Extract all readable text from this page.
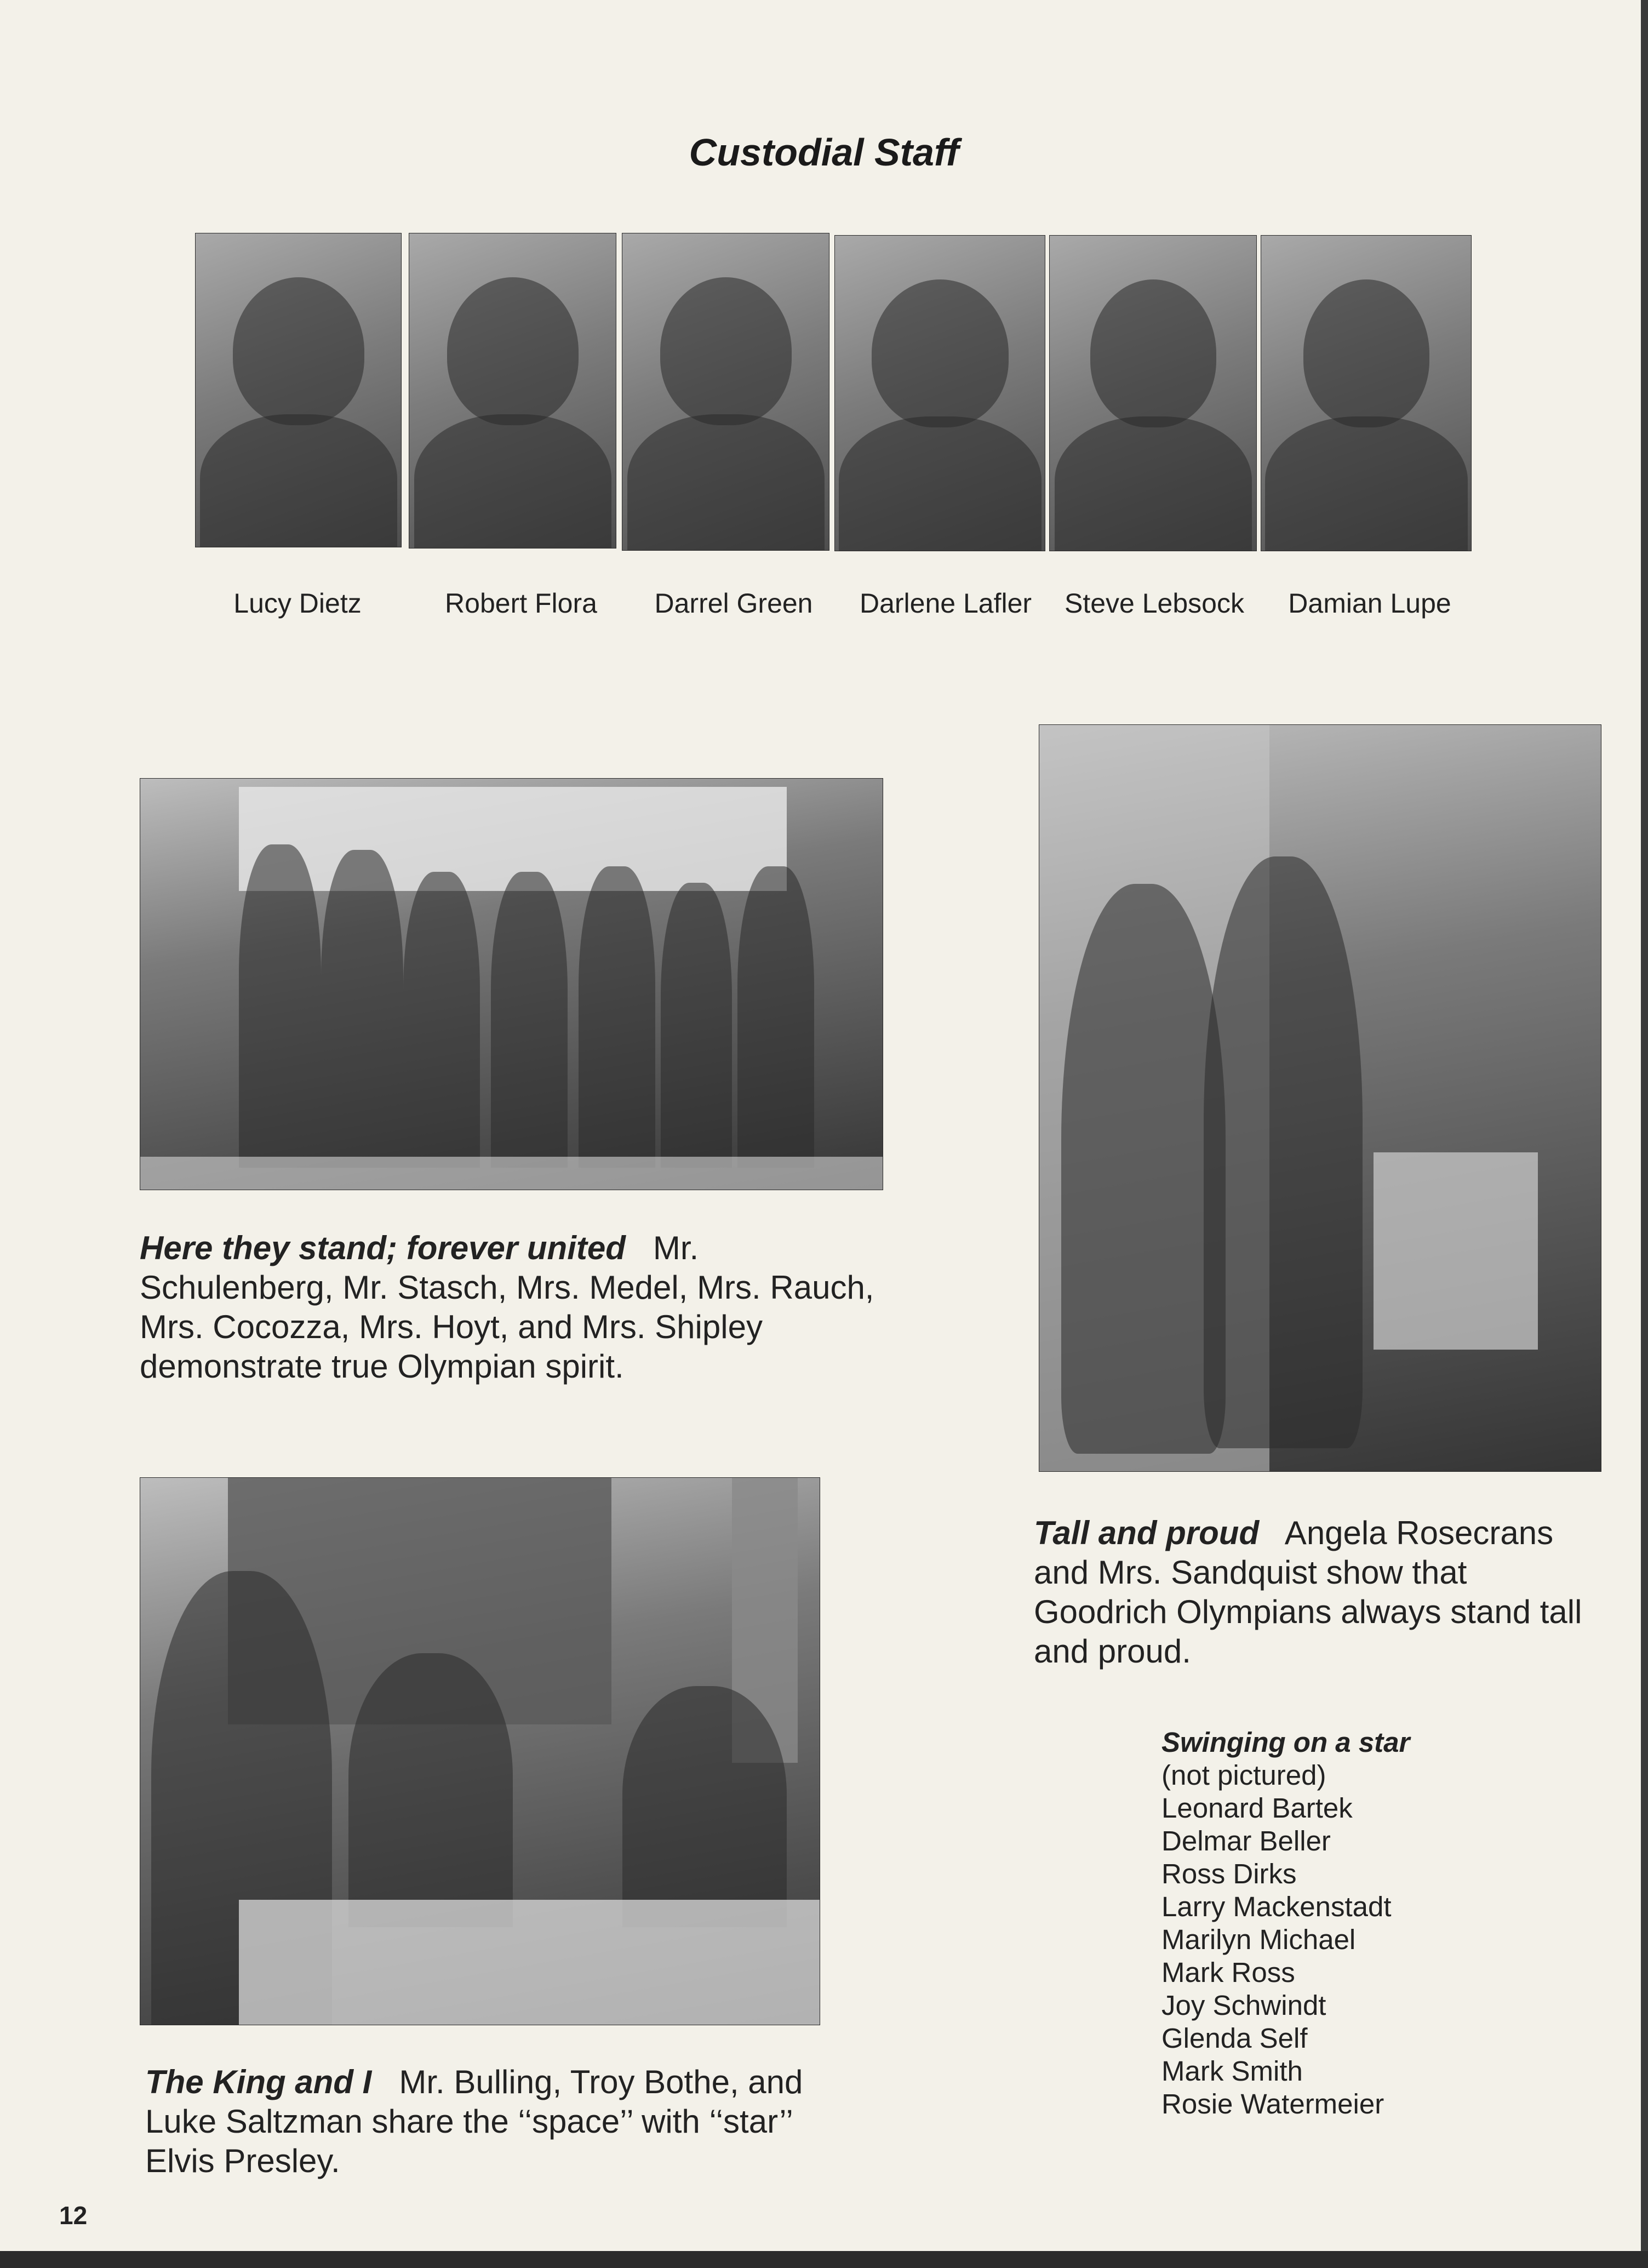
Custodial Staff
Lucy Dietz	Robert Flora	Darrel Green	Darlene Lafler	Steve Lebsock	Damian Lupe
Here they stand; forever united Mr. Schulenberg, Mr. Stasch, Mrs. Medel, Mrs. Rauch, Mrs. Cocozza, Mrs. Hoyt, and Mrs. Shipley demonstrate true Olympian spirit.
Tall and proud Angela Rosecrans and Mrs. Sandquist show that Goodrich Olympians always stand tall and proud.
The King and I Mr. Bulling, Troy Bothe, and Luke Saltzman share the ‘‘space’’ with ‘‘star’’ Elvis Presley.
Swinging on a star
(not pictured)
Leonard Bartek
Delmar Beller
Ross Dirks
Larry Mackenstadt
Marilyn Michael
Mark Ross
Joy Schwindt
Glenda Self
Mark Smith
Rosie Watermeier
12
